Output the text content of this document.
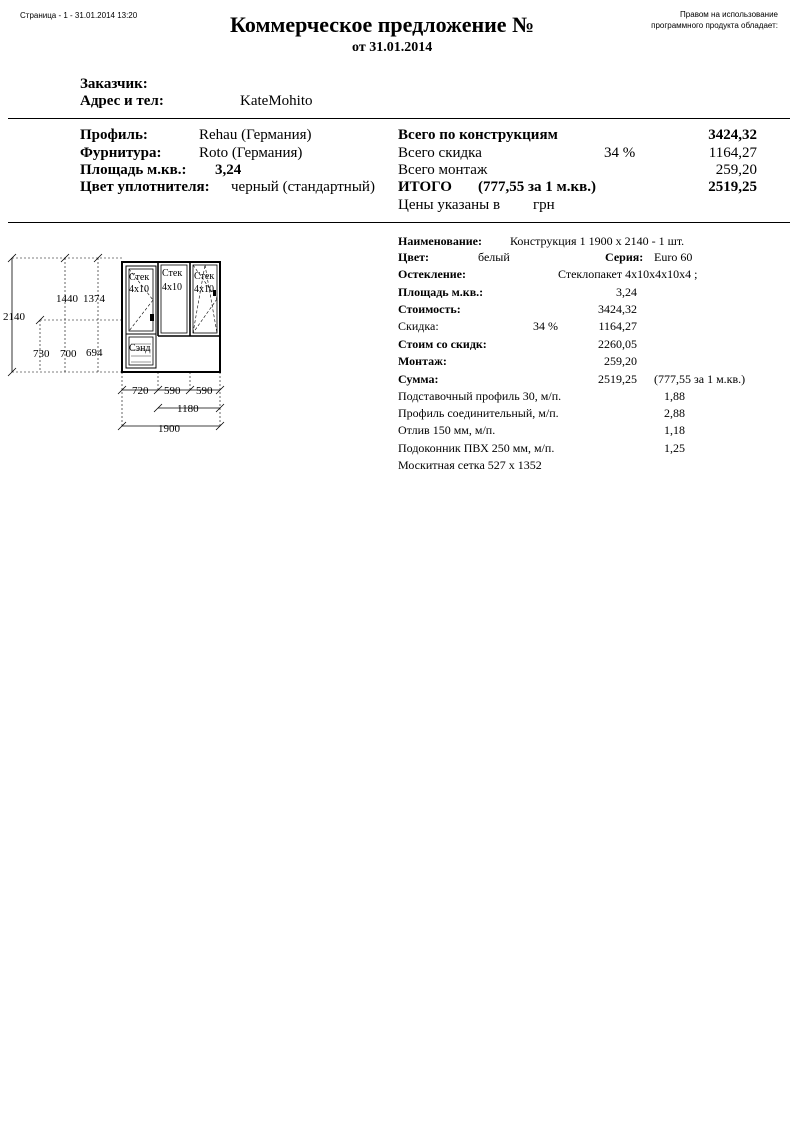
Страница - 1 - 31.01.2014 13:20	Коммерческое предложение №
от 31.01.2014
Правом на использование
программного продукта обладает:
Заказчик:
Адрес и тел:	KateMohito
Профиль:	Rehau (Германия)
Фурнитура: Roto (Германия)
Площадь м.кв.: 3,24
Цвет уплотнителя: черный (стандартный)
Всего по конструкциям	3424,32
Всего скидка	34 %	1164,27
Всего монтаж	259,20
ИТОГО (777,55 за 1 м.кв.)	2519,25
Цены указаны в грн
Наименование: Конструкция 1 1900 х 2140 - 1 шт.
Цвет:	белый	Серия: Euro 60
Остекление:	Стеклопакет 4х10х4х10х4 ;
Площадь м.кв.:	3,24
Стоимость:	3424,32
Скидка:	34 %	1164,27
Стоим со скидк:	2260,05
Монтаж:	259,20
Сумма:	2519,25 (777,55 за 1 м.кв.)
Подставочный профиль 30, м/п.	1,88
Профиль соединительный, м/п.	2,88
Отлив 150 мм, м/п.	1,18
Подоконник ПВХ 250 мм, м/п.	1,25
Москитная сетка 527 х 1352
Стек
4х10
Сэнд
Стек
4х10
Стек
4х10
2140
1440 1374
730 700 694
720 590 590
1180
1900
